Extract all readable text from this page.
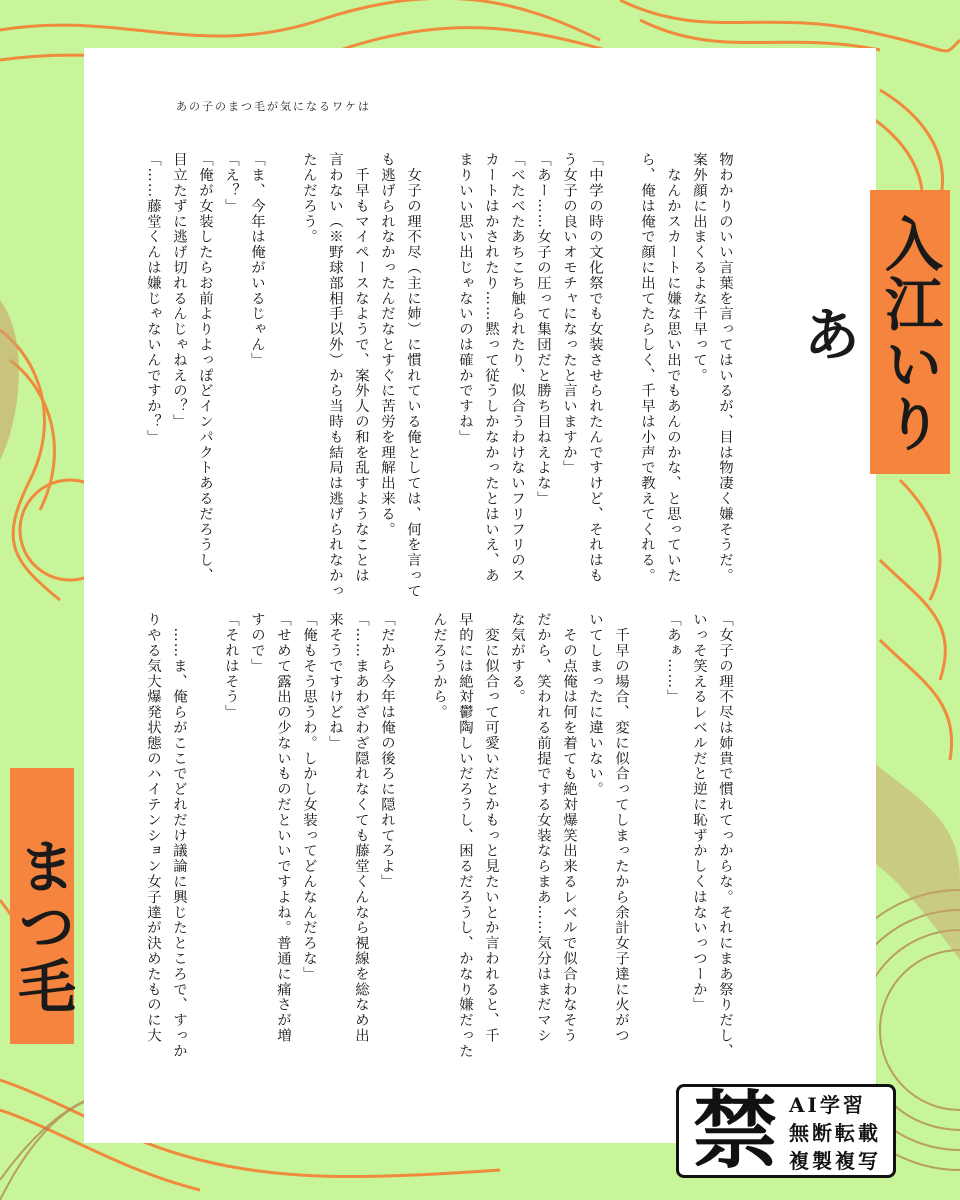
あの子のまつ毛が気になるワケは

物わかりのいい言葉を言ってはいるが、目は物凄く嫌そうだ。

案外顔に出まくるよな千早って。

　なんかスカートに嫌な思い出でもあんのかな、と思っていた

ら、俺は俺で顔に出てたらしく、千早は小声で教えてくれる。

「中学の時の文化祭でも女装させられたんですけど、それはも

う女子の良いオモチャになったと言いますか」

「あー……女子の圧って集団だと勝ち目ねえよな」

「べたべたあちこち触られたり、似合うわけないフリフリのス

カートはかされたり……黙って従うしかなかったとはいえ、あ

まりいい思い出じゃないのは確かですね」

　女子の理不尽（主に姉）に慣れている俺としては、何を言って

も逃げられなかったんだなとすぐに苦労を理解出来る。

　千早もマイペースなようで、案外人の和を乱すようなことは

言わない（※野球部相手以外）から当時も結局は逃げられなかっ

たんだろう。

「ま、今年は俺がいるじゃん」

「え？」

「俺が女装したらお前よりよっぽどインパクトあるだろうし、

目立たずに逃げ切れるんじゃねえの？」

「……藤堂くんは嫌じゃないんですか？」

「女子の理不尽は姉貴で慣れてっからな。それにまあ祭りだし、

いっそ笑えるレベルだと逆に恥ずかしくはないっつーか」

「あぁ……」

　千早の場合、変に似合ってしまったから余計女子達に火がつ

いてしまったに違いない。

　その点俺は何を着ても絶対爆笑出来るレベルで似合わなそう

だから、笑われる前提でする女装ならまあ……気分はまだマシ

な気がする。

　変に似合って可愛いだとかもっと見たいとか言われると、千

早的には絶対鬱陶しいだろうし、困るだろうし、かなり嫌だった

んだろうから。

「だから今年は俺の後ろに隠れてろよ」

「……まあわざわざ隠れなくても藤堂くんなら視線を総なめ出

来そうですけどね」

「俺もそう思うわ。しかし女装ってどんなんだろな」

「せめて露出の少ないものだといいですよね。普通に痛さが増

すので」

「それはそう」

　……ま、俺らがここでどれだけ議論に興じたところで、すっか

りやる気大爆発状態のハイテンション女子達が決めたものに大

入江いりあ
まつ毛
禁 AI学習
無断転載
複製複写
